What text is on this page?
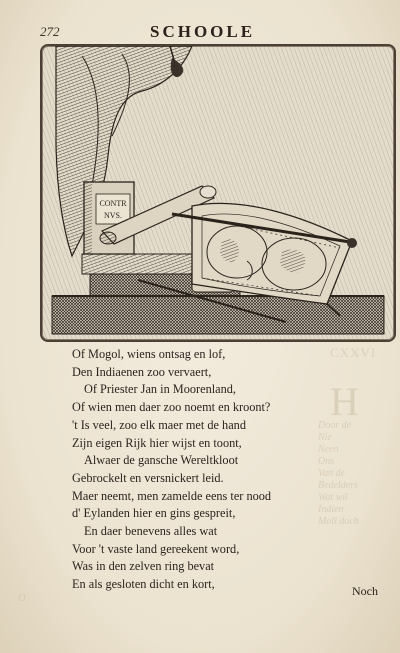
H
CXXVI
Door de
Nie
Neen
Ons
Van de
Bedelders
Wat wil
Indien
Moll doch
o
272	SCHOOLE
CONTR
NVS.
Of Mogol, wiens ontsag en lof,
Den Indiaenen zoo vervaert,
Of Priester Jan in Moorenland,
Of wien men daer zoo noemt en kroont?
't Is veel, zoo elk maer met de hand
Zijn eigen Rijk hier wijst en toont,
Alwaer de gansche Wereltkloot
Gebrockelt en versnickert leid.
Maer neemt, men zamelde eens ter nood
d' Eylanden hier en gins gespreit,
En daer benevens alles wat
Voor 't vaste land gereekent word,
Was in den zelven ring bevat
En als gesloten dicht en kort,	Noch
